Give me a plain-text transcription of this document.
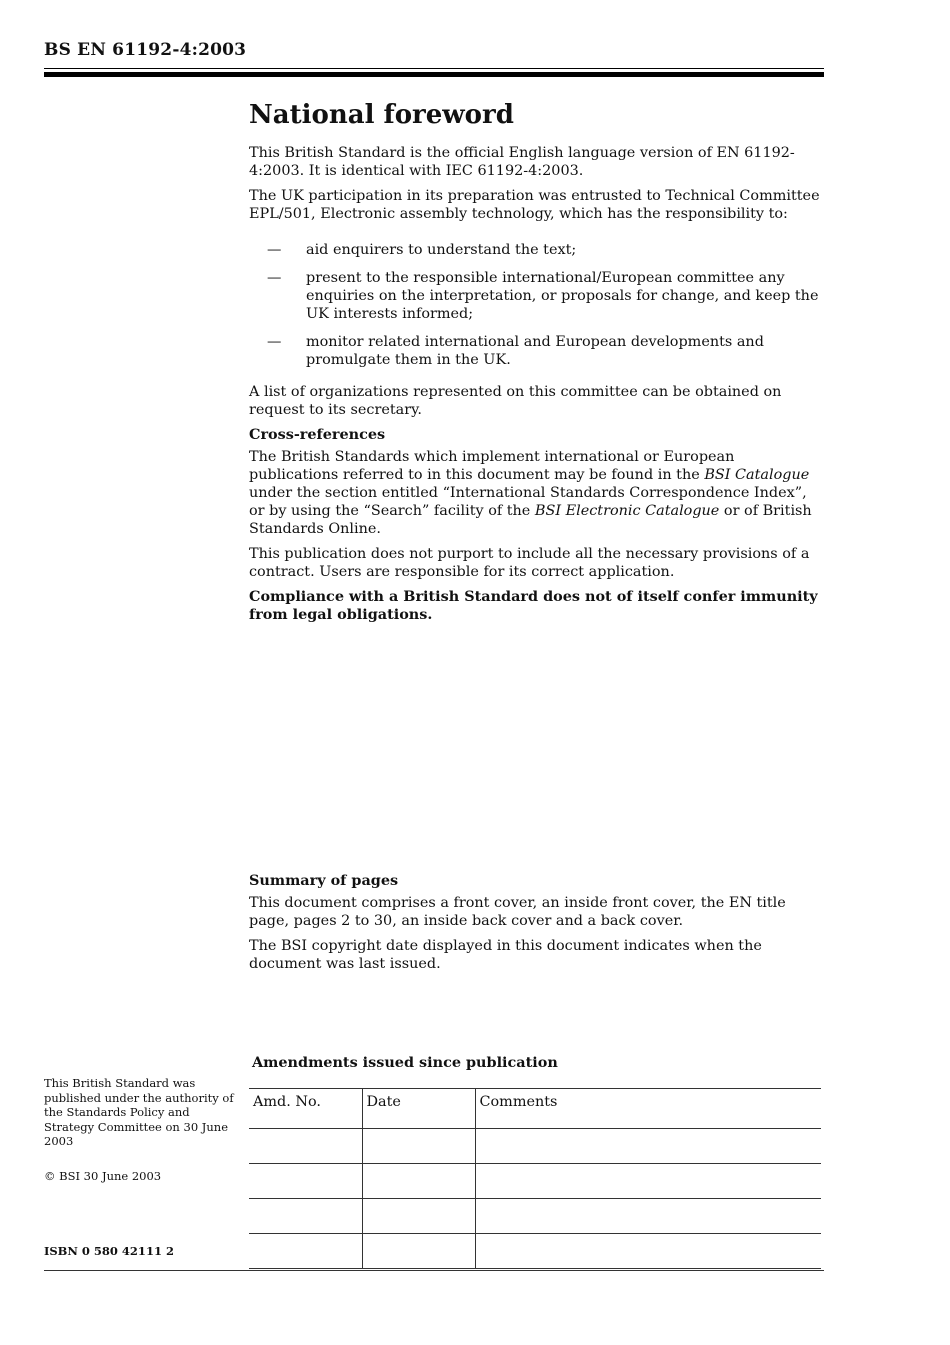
BS EN 61192-4:2003
National foreword

This British Standard is the official English language version of EN 61192-4:2003. It is identical with IEC 61192-4:2003.

The UK participation in its preparation was entrusted to Technical Committee EPL/501, Electronic assembly technology, which has the responsibility to:

— aid enquirers to understand the text;
— present to the responsible international/European committee any enquiries on the interpretation, or proposals for change, and keep the UK interests informed;
— monitor related international and European developments and promulgate them in the UK.

A list of organizations represented on this committee can be obtained on request to its secretary.

Cross-references

The British Standards which implement international or European publications referred to in this document may be found in the BSI Catalogue under the section entitled “International Standards Correspondence Index”, or by using the “Search” facility of the BSI Electronic Catalogue or of British Standards Online.

This publication does not purport to include all the necessary provisions of a contract. Users are responsible for its correct application.

Compliance with a British Standard does not of itself confer immunity from legal obligations.

Summary of pages

This document comprises a front cover, an inside front cover, the EN title page, pages 2 to 30, an inside back cover and a back cover.

The BSI copyright date displayed in this document indicates when the document was last issued.

Amendments issued since publication
Amd. No.	Date	Comments

This British Standard was published under the authority of the Standards Policy and Strategy Committee on 30 June 2003
© BSI 30 June 2003
ISBN 0 580 42111 2
